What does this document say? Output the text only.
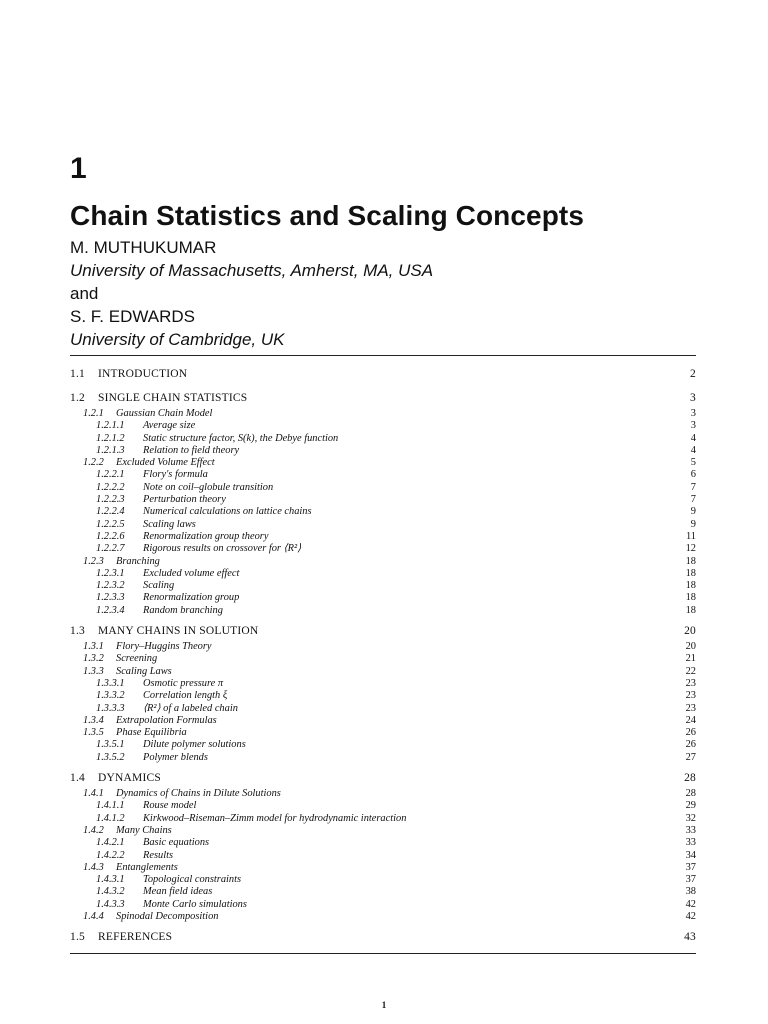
1
Chain Statistics and Scaling Concepts
M. MUTHUKUMAR
University of Massachusetts, Amherst, MA, USA
and
S. F. EDWARDS
University of Cambridge, UK
1.1	INTRODUCTION	2
1.2	SINGLE CHAIN STATISTICS	3
1.2.1	Gaussian Chain Model	3
1.2.1.1	Average size	3
1.2.1.2	Static structure factor, S(k), the Debye function	4
1.2.1.3	Relation to field theory	4
1.2.2	Excluded Volume Effect	5
1.2.2.1	Flory's formula	6
1.2.2.2	Note on coil–globule transition	7
1.2.2.3	Perturbation theory	7
1.2.2.4	Numerical calculations on lattice chains	9
1.2.2.5	Scaling laws	9
1.2.2.6	Renormalization group theory	11
1.2.2.7	Rigorous results on crossover for ⟨R²⟩	12
1.2.3	Branching	18
1.2.3.1	Excluded volume effect	18
1.2.3.2	Scaling	18
1.2.3.3	Renormalization group	18
1.2.3.4	Random branching	18
1.3	MANY CHAINS IN SOLUTION	20
1.3.1	Flory–Huggins Theory	20
1.3.2	Screening	21
1.3.3	Scaling Laws	22
1.3.3.1	Osmotic pressure π	23
1.3.3.2	Correlation length ξ	23
1.3.3.3	⟨R²⟩ of a labeled chain	23
1.3.4	Extrapolation Formulas	24
1.3.5	Phase Equilibria	26
1.3.5.1	Dilute polymer solutions	26
1.3.5.2	Polymer blends	27
1.4	DYNAMICS	28
1.4.1	Dynamics of Chains in Dilute Solutions	28
1.4.1.1	Rouse model	29
1.4.1.2	Kirkwood–Riseman–Zimm model for hydrodynamic interaction	32
1.4.2	Many Chains	33
1.4.2.1	Basic equations	33
1.4.2.2	Results	34
1.4.3	Entanglements	37
1.4.3.1	Topological constraints	37
1.4.3.2	Mean field ideas	38
1.4.3.3	Monte Carlo simulations	42
1.4.4	Spinodal Decomposition	42
1.5	REFERENCES	43
1
